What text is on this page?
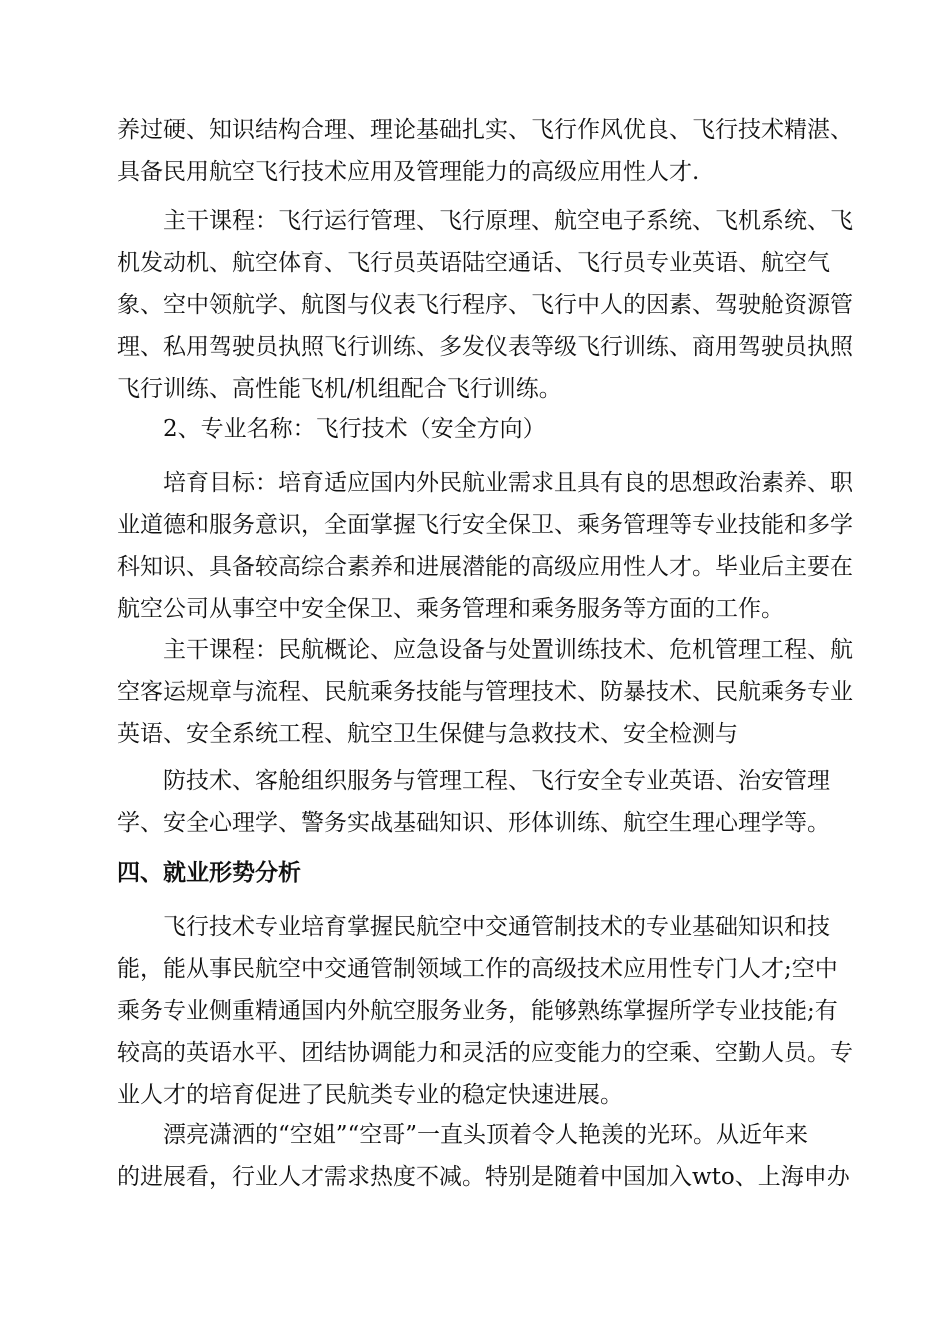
养过硬、知识结构合理、理论基础扎实、飞行作风优良、飞行技术精湛、
具备民用航空飞行技术应用及管理能力的高级应用性人才.
主干课程：飞行运行管理、飞行原理、航空电子系统、飞机系统、飞
机发动机、航空体育、飞行员英语陆空通话、飞行员专业英语、航空气
象、空中领航学、航图与仪表飞行程序、飞行中人的因素、驾驶舱资源管
理、私用驾驶员执照飞行训练、多发仪表等级飞行训练、商用驾驶员执照
飞行训练、高性能飞机/机组配合飞行训练。
2、专业名称：飞行技术（安全方向）
培育目标：培育适应国内外民航业需求且具有良的思想政治素养、职
业道德和服务意识，全面掌握飞行安全保卫、乘务管理等专业技能和多学
科知识、具备较高综合素养和进展潜能的高级应用性人才。毕业后主要在
航空公司从事空中安全保卫、乘务管理和乘务服务等方面的工作。
主干课程：民航概论、应急设备与处置训练技术、危机管理工程、航
空客运规章与流程、民航乘务技能与管理技术、防暴技术、民航乘务专业
英语、安全系统工程、航空卫生保健与急救技术、安全检测与
防技术、客舱组织服务与管理工程、飞行安全专业英语、治安管理
学、安全心理学、警务实战基础知识、形体训练、航空生理心理学等。
四、就业形势分析
飞行技术专业培育掌握民航空中交通管制技术的专业基础知识和技
能，能从事民航空中交通管制领域工作的高级技术应用性专门人才;空中
乘务专业侧重精通国内外航空服务业务，能够熟练掌握所学专业技能;有
较高的英语水平、团结协调能力和灵活的应变能力的空乘、空勤人员。专
业人才的培育促进了民航类专业的稳定快速进展。
漂亮潇洒的“空姐”“空哥”一直头顶着令人艳羡的光环。从近年来
的进展看，行业人才需求热度不减。特别是随着中国加入wto、上海申办
